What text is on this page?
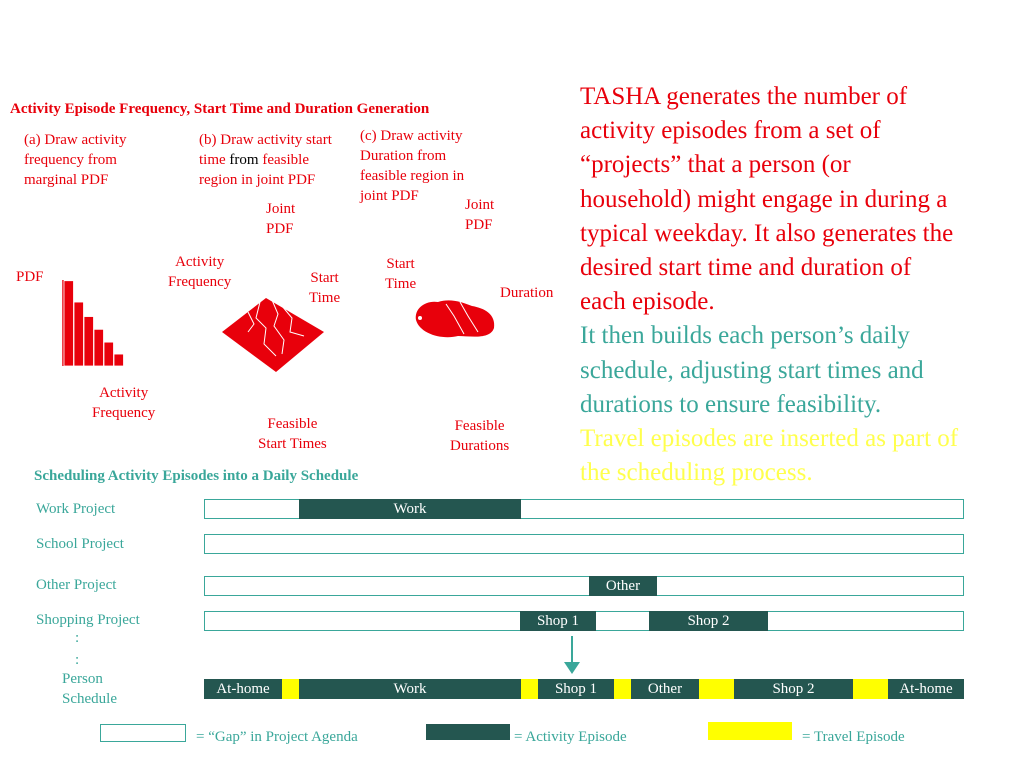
Activity Episode Frequency, Start Time and Duration Generation
(a) Draw activity
frequency from
marginal PDF
(b) Draw activity start
time from feasible
region in joint PDF
(c) Draw activity
Duration from
feasible region in
joint PDF
PDF
Activity
Frequency
Joint
PDF
Activity
Frequency	Start
Time
Feasible
Start Times
Joint
PDF
Start
Time
Duration
Feasible
Durations
TASHA generates the number of
activity episodes from a set of
“projects” that a person (or
household) might engage in during a
typical weekday. It also generates the
desired start time and duration of
each episode.
It then builds each person’s daily
schedule, adjusting start times and
durations to ensure feasibility.
Travel episodes are inserted as part of
the scheduling process.
Scheduling Activity Episodes into a Daily Schedule
Work Project
School Project
Other Project
Shopping Project
:
:
Person
Schedule
Work
Other
Shop 1	Shop 2
At-home	Work	Shop 1	Other	Shop 2	At-home
= “Gap” in Project Agenda	= Activity Episode	= Travel Episode
